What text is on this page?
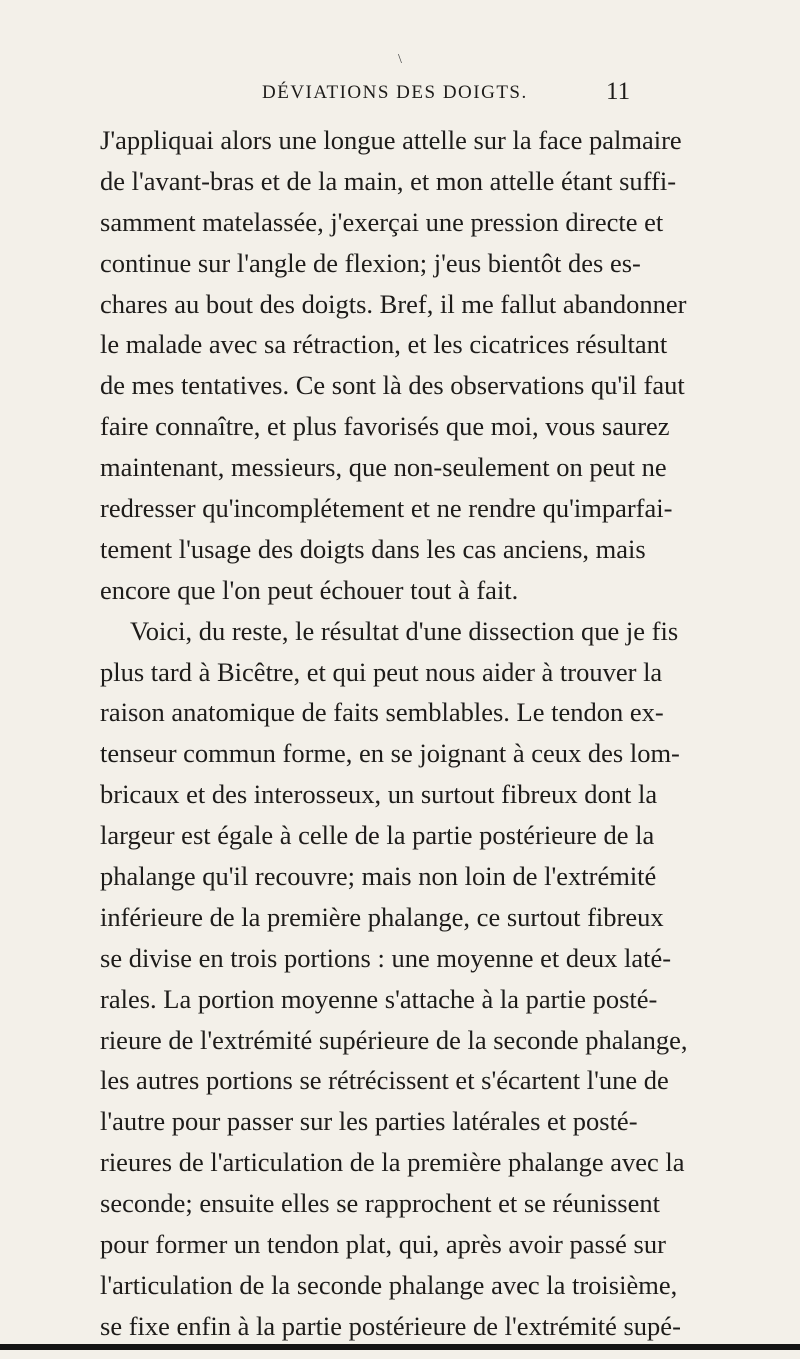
\
DÉVIATIONS DES DOIGTS.	11
J'appliquai alors une longue attelle sur la face palmaire
de l'avant-bras et de la main, et mon attelle étant suffi-
samment matelassée, j'exerçai une pression directe et
continue sur l'angle de flexion; j'eus bientôt des es-
chares au bout des doigts. Bref, il me fallut abandonner
le malade avec sa rétraction, et les cicatrices résultant
de mes tentatives. Ce sont là des observations qu'il faut
faire connaître, et plus favorisés que moi, vous saurez
maintenant, messieurs, que non-seulement on peut ne
redresser qu'incomplétement et ne rendre qu'imparfai-
tement l'usage des doigts dans les cas anciens, mais
encore que l'on peut échouer tout à fait.
Voici, du reste, le résultat d'une dissection que je fis
plus tard à Bicêtre, et qui peut nous aider à trouver la
raison anatomique de faits semblables. Le tendon ex-
tenseur commun forme, en se joignant à ceux des lom-
bricaux et des interosseux, un surtout fibreux dont la
largeur est égale à celle de la partie postérieure de la
phalange qu'il recouvre; mais non loin de l'extrémité
inférieure de la première phalange, ce surtout fibreux
se divise en trois portions : une moyenne et deux laté-
rales. La portion moyenne s'attache à la partie posté-
rieure de l'extrémité supérieure de la seconde phalange,
les autres portions se rétrécissent et s'écartent l'une de
l'autre pour passer sur les parties latérales et posté-
rieures de l'articulation de la première phalange avec la
seconde; ensuite elles se rapprochent et se réunissent
pour former un tendon plat, qui, après avoir passé sur
l'articulation de la seconde phalange avec la troisième,
se fixe enfin à la partie postérieure de l'extrémité supé-
